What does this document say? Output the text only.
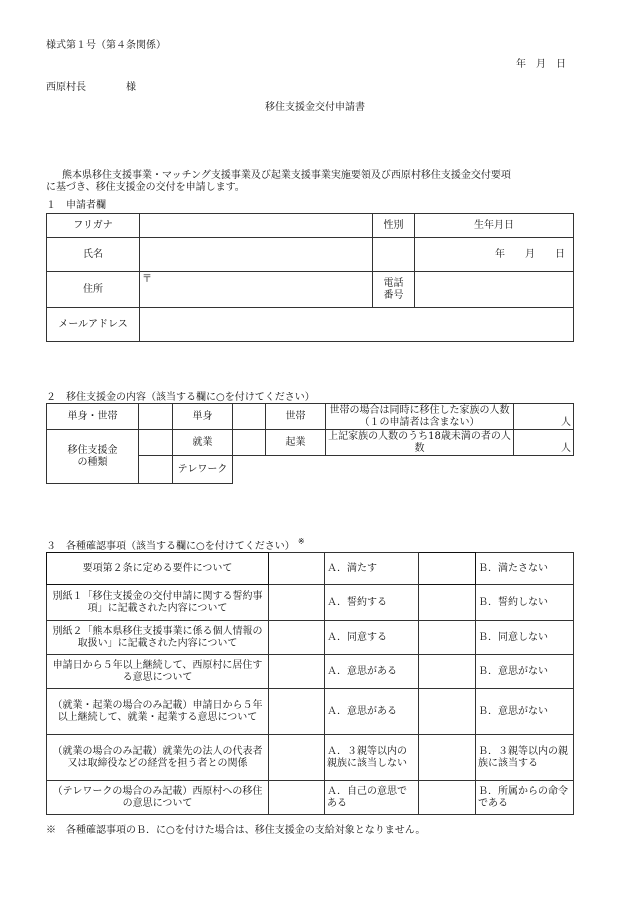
様式第１号（第４条関係）
年　月　日
西原村長	様
移住支援金交付申請書
熊本県移住支援事業・マッチング支援事業及び起業支援事業実施要領及び西原村移住支援金交付要項
に基づき、移住支援金の交付を申請します。
１　申請者欄
フリガナ		性別	生年月日
氏名			年　　月　　日
住所	〒	電話
番号	
メールアドレス			
２　移住支援金の内容（該当する欄に○を付けてください）
単身・世帯		単身		世帯	世帯の場合は同時に移住した家族の人数（１の申請者は含まない）	人
移住支援金
の種類		就業		起業	上記家族の人数のうち18歳未満の者の人数	人
		テレワーク				
３　各種確認事項（該当する欄に○を付けてください） ※
要項第２条に定める要件について		Ａ．満たす		Ｂ．満たさない
別紙１「移住支援金の交付申請に関する誓約事項」に記載された内容について		Ａ．誓約する		Ｂ．誓約しない
別紙２「熊本県移住支援事業に係る個人情報の取扱い」に記載された内容について		Ａ．同意する		Ｂ．同意しない
申請日から５年以上継続して、西原村に居住する意思について		Ａ．意思がある		Ｂ．意思がない
（就業・起業の場合のみ記載）申請日から５年以上継続して、就業・起業する意思について		Ａ．意思がある		Ｂ．意思がない
（就業の場合のみ記載）就業先の法人の代表者又は取締役などの経営を担う者との関係		Ａ．３親等以内の親族に該当しない		Ｂ．３親等以内の親族に該当する
（テレワークの場合のみ記載）西原村への移住の意思について		Ａ．自己の意思である		Ｂ．所属からの命令である
※　各種確認事項のＢ．に○を付けた場合は、移住支援金の支給対象となりません。
